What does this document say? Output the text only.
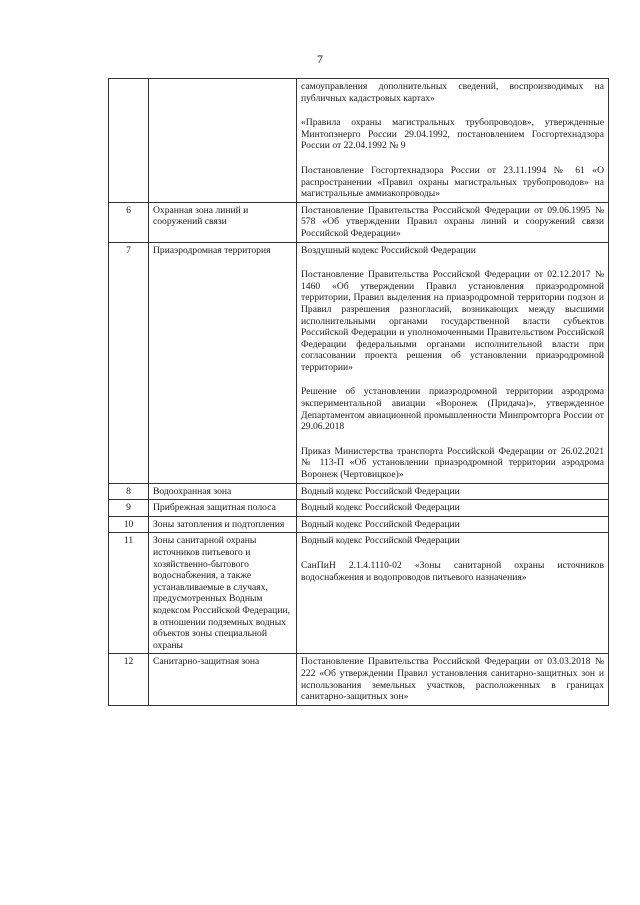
7

		самоуправления дополнительных сведений, воспроизводимых на публичных кадастровых картах»

«Правила охраны магистральных трубопроводов», утвержденные Минтопэнерго России 29.04.1992, постановлением Госгортехнадзора России от 22.04.1992 № 9

Постановление Госгортехнадзора России от 23.11.1994 № 61 «О распространении «Правил охраны магистральных трубопроводов» на магистральные аммиакопроводы»

6	Охранная зона линий и сооружений связи	Постановление Правительства Российской Федерации от 09.06.1995 № 578 «Об утверждении Правил охраны линий и сооружений связи Российской Федерации»

7	Приаэродромная территория	Воздушный кодекс Российской Федерации

Постановление Правительства Российской Федерации от 02.12.2017 № 1460 «Об утверждении Правил установления приаэродромной территории, Правил выделения на приаэродромной территории подзон и Правил разрешения разногласий, возникающих между высшими исполнительными органами государственной власти субъектов Российской Федерации и уполномоченными Правительством Российской Федерации федеральными органами исполнительной власти при согласовании проекта решения об установлении приаэродромной территории»

Решение об установлении приаэродромной территории аэродрома экспериментальной авиации «Воронеж (Придача)», утвержденное Департаментом авиационной промышленности Минпромторга России от 29.06.2018

Приказ Министерства транспорта Российской Федерации от 26.02.2021 № 113-П «Об установлении приаэродромной территории аэродрома Воронеж (Чертовицкое)»

8	Водоохранная зона	Водный кодекс Российской Федерации

9	Прибрежная защитная полоса	Водный кодекс Российской Федерации

10	Зоны затопления и подтопления	Водный кодекс Российской Федерации

11	Зоны санитарной охраны источников питьевого и хозяйственно-бытового водоснабжения, а также устанавливаемые в случаях, предусмотренных Водным кодексом Российской Федерации, в отношении подземных водных объектов зоны специальной охраны	Водный кодекс Российской Федерации

СанПиН 2.1.4.1110-02 «Зоны санитарной охраны источников водоснабжения и водопроводов питьевого назначения»

12	Санитарно-защитная зона	Постановление Правительства Российской Федерации от 03.03.2018 № 222 «Об утверждении Правил установления санитарно-защитных зон и использования земельных участков, расположенных в границах санитарно-защитных зон»
